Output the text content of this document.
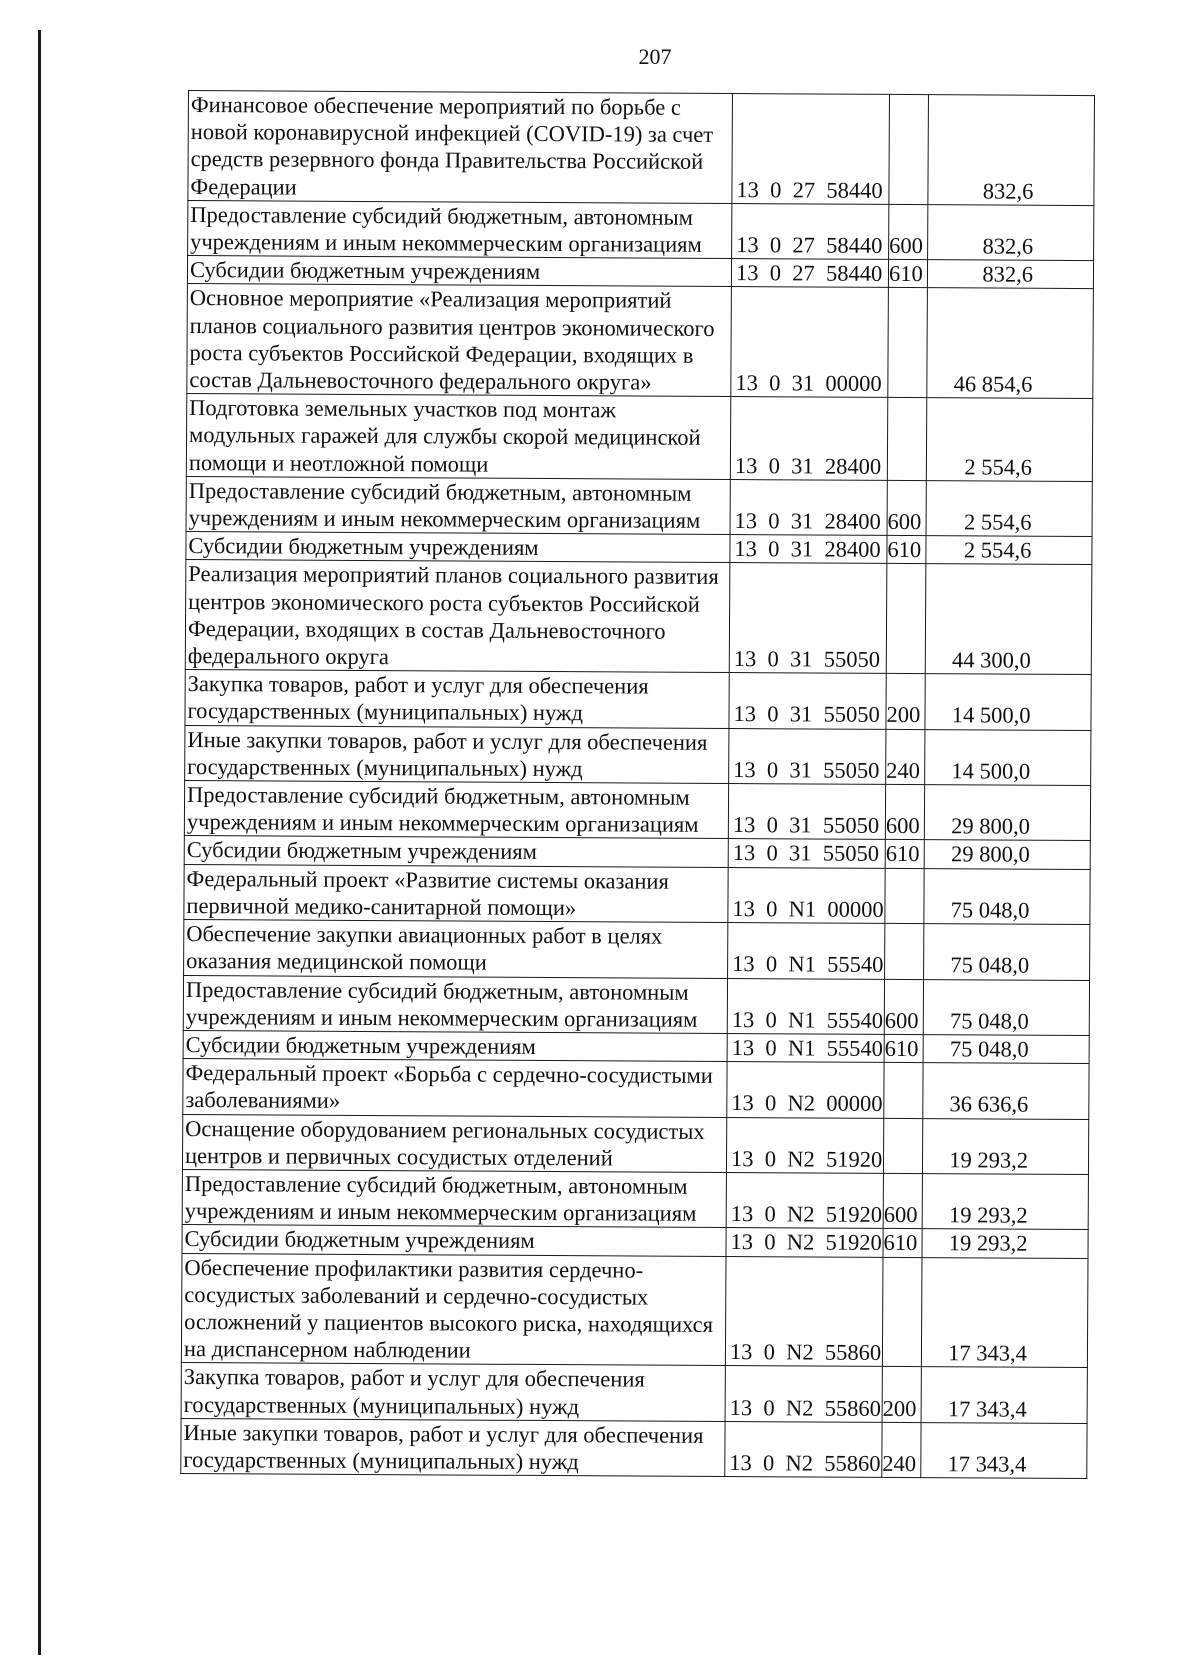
207
Финансовое обеспечение мероприятий по борьбе с новой коронавирусной инфекцией (COVID-19) за счет средств резервного фонда Правительства Российской Федерации	13  0  27  58440		832,6
Предоставление субсидий бюджетным, автономным учреждениям и иным некоммерческим организациям	13  0  27  58440	600	832,6
Субсидии бюджетным учреждениям	13  0  27  58440	610	832,6
Основное мероприятие «Реализация мероприятий планов социального развития центров экономического роста субъектов Российской Федерации, входящих в состав Дальневосточного федерального округа»	13  0  31  00000		46 854,6
Подготовка земельных участков под монтаж модульных гаражей для службы скорой медицинской помощи и неотложной помощи	13  0  31  28400		2 554,6
Предоставление субсидий бюджетным, автономным учреждениям и иным некоммерческим организациям	13  0  31  28400	600	2 554,6
Субсидии бюджетным учреждениям	13  0  31  28400	610	2 554,6
Реализация мероприятий планов социального развития центров экономического роста субъектов Российской Федерации, входящих в состав Дальневосточного федерального округа	13  0  31  55050		44 300,0
Закупка товаров, работ и услуг для обеспечения государственных (муниципальных) нужд	13  0  31  55050	200	14 500,0
Иные закупки товаров, работ и услуг для обеспечения государственных (муниципальных) нужд	13  0  31  55050	240	14 500,0
Предоставление субсидий бюджетным, автономным учреждениям и иным некоммерческим организациям	13  0  31  55050	600	29 800,0
Субсидии бюджетным учреждениям	13  0  31  55050	610	29 800,0
Федеральный проект «Развитие системы оказания первичной медико-санитарной помощи»	13  0  N1  00000		75 048,0
Обеспечение закупки авиационных работ в целях оказания медицинской помощи	13  0  N1  55540		75 048,0
Предоставление субсидий бюджетным, автономным учреждениям и иным некоммерческим организациям	13  0  N1  55540	600	75 048,0
Субсидии бюджетным учреждениям	13  0  N1  55540	610	75 048,0
Федеральный проект «Борьба с сердечно-сосудистыми заболеваниями»	13  0  N2  00000		36 636,6
Оснащение оборудованием региональных сосудистых центров и первичных сосудистых отделений	13  0  N2  51920		19 293,2
Предоставление субсидий бюджетным, автономным учреждениям и иным некоммерческим организациям	13  0  N2  51920	600	19 293,2
Субсидии бюджетным учреждениям	13  0  N2  51920	610	19 293,2
Обеспечение профилактики развития сердечно-сосудистых заболеваний и сердечно-сосудистых осложнений у пациентов высокого риска, находящихся на диспансерном наблюдении	13  0  N2  55860		17 343,4
Закупка товаров, работ и услуг для обеспечения государственных (муниципальных) нужд	13  0  N2  55860	200	17 343,4
Иные закупки товаров, работ и услуг для обеспечения государственных (муниципальных) нужд	13  0  N2  55860	240	17 343,4
